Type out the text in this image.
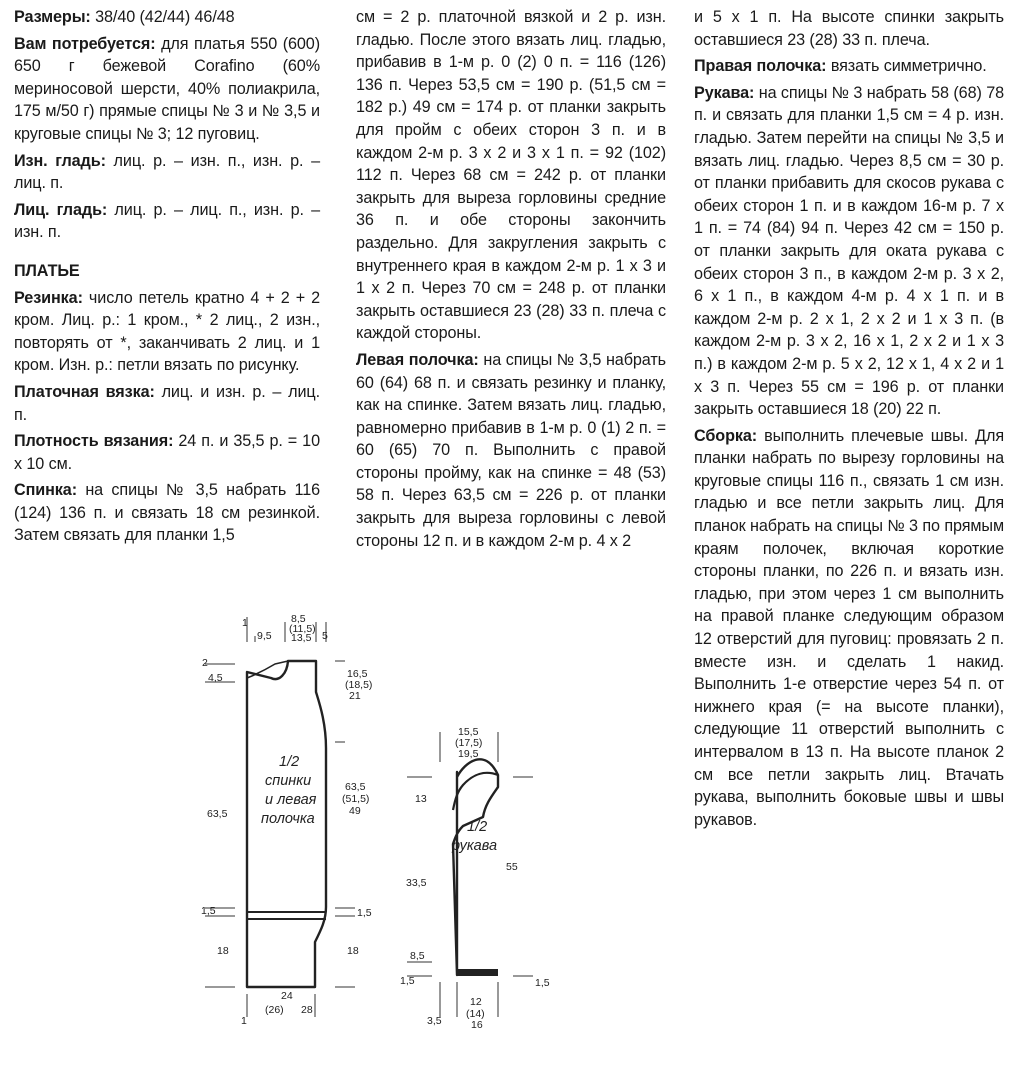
Размеры: 38/40 (42/44) 46/48

Вам потребуется: для платья 550 (600) 650 г бежевой Corafino (60% мериносовой шерсти, 40% полиакрила, 175 м/50 г) прямые спицы № 3 и № 3,5 и круговые спицы № 3; 12 пуговиц.

Изн. гладь: лиц. р. – изн. п., изн. р. – лиц. п.

Лиц. гладь: лиц. р. – лиц. п., изн. р. – изн. п.

ПЛАТЬЕ

Резинка: число петель кратно 4 + 2 + 2 кром. Лиц. р.: 1 кром., * 2 лиц., 2 изн., повторять от *, заканчивать 2 лиц. и 1 кром. Изн. р.: петли вязать по рисунку.

Платочная вязка: лиц. и изн. р. – лиц. п.

Плотность вязания: 24 п. и 35,5 р. = 10 х 10 см.

Спинка: на спицы № 3,5 набрать 116 (124) 136 п. и связать 18 см резинкой. Затем связать для планки 1,5

см = 2 р. платочной вязкой и 2 р. изн. гладью. После этого вязать лиц. гладью, прибавив в 1-м р. 0 (2) 0 п. = 116 (126) 136 п. Через 53,5 см = 190 р. (51,5 см = 182 р.) 49 см = 174 р. от планки закрыть для пройм с обеих сторон 3 п. и в каждом 2-м р. 3 х 2 и 3 х 1 п. = 92 (102) 112 п. Через 68 см = 242 р. от планки закрыть для выреза горловины средние 36 п. и обе стороны закончить раздельно. Для закругления закрыть с внутреннего края в каждом 2-м р. 1 х 3 и 1 х 2 п. Через 70 см = 248 р. от планки закрыть оставшиеся 23 (28) 33 п. плеча с каждой стороны.

Левая полочка: на спицы № 3,5 набрать 60 (64) 68 п. и связать резинку и планку, как на спинке. Затем вязать лиц. гладью, равномерно прибавив в 1-м р. 0 (1) 2 п. = 60 (65) 70 п. Выполнить с правой стороны пройму, как на спинке = 48 (53) 58 п. Через 63,5 см = 226 р. от планки закрыть для выреза горловины с левой стороны 12 п. и в каждом 2-м р. 4 х 2

и 5 х 1 п. На высоте спинки закрыть оставшиеся 23 (28) 33 п. плеча.

Правая полочка: вязать симметрично.

Рукава: на спицы № 3 набрать 58 (68) 78 п. и связать для планки 1,5 см = 4 р. изн. гладью. Затем перейти на спицы № 3,5 и вязать лиц. гладью. Через 8,5 см = 30 р. от планки прибавить для скосов рукава с обеих сторон 1 п. и в каждом 16-м р. 7 х 1 п. = 74 (84) 94 п. Через 42 см = 150 р. от планки закрыть для оката рукава с обеих сторон 3 п., в каждом 2-м р. 3 х 2, 6 х 1 п., в каждом 4-м р. 4 х 1 п. и в каждом 2-м р. 2 х 1, 2 х 2 и 1 х 3 п. (в каждом 2-м р. 3 х 2, 16 х 1, 2 х 2 и 1 х 3 п.) в каждом 2-м р. 5 х 2, 12 х 1, 4 х 2 и 1 х 3 п. Через 55 см = 196 р. от планки закрыть оставшиеся 18 (20) 22 п.

Сборка: выполнить плечевые швы. Для планки набрать по вырезу горловины на круговые спицы 116 п., связать 1 см изн. гладью и все петли закрыть лиц. Для планок набрать на спицы № 3 по прямым краям полочек, включая короткие стороны планки, по 226 п. и вязать изн. гладью, при этом через 1 см выполнить на правой планке следующим образом 12 отверстий для пуговиц: провязать 2 п. вместе изн. и сделать 1 накид. Выполнить 1-е отверстие через 54 п. от нижнего края (= на высоте планки), следующие 11 отверстий выполнить с интервалом в 13 п. На высоте планок 2 см все петли закрыть лиц. Втачать рукава, выполнить боковые швы и швы рукавов.

1
9,5
8,5
(11,5)
13,5 5
2
4,5	16,5
(18,5)
21
1/2
спинки
и левая
полочка
63,5
63,5
(51,5)
49
1,5	1,5
18	18
1
24
(26) 28
15,5
(17,5)
19,5
13
1/2
рукава
55
33,5
8,5
1,5	1,5
3,5
12
(14)
16
